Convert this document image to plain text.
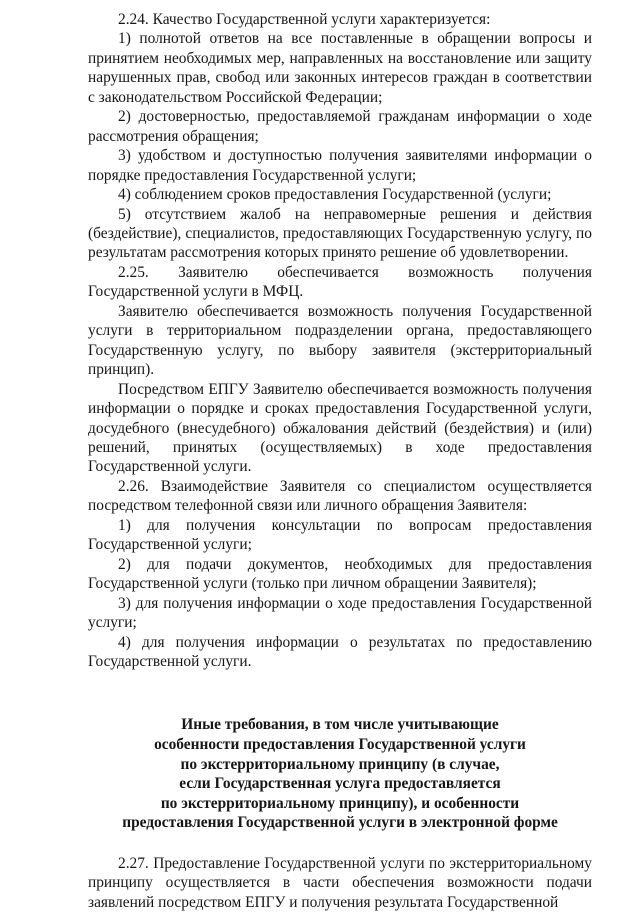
2.24. Качество Государственной услуги характеризуется:

1) полнотой ответов на все поставленные в обращении вопросы и принятием необходимых мер, направленных на восстановление или защиту нарушенных прав, свобод или законных интересов граждан в соответствии с законодательством Российской Федерации;

2) достоверностью, предоставляемой гражданам информации о ходе рассмотрения обращения;

3) удобством и доступностью получения заявителями информации о порядке предоставления Государственной услуги;

4) соблюдением сроков предоставления Государственной (услуги;

5) отсутствием жалоб на неправомерные решения и действия (бездействие), специалистов, предоставляющих Государственную услугу, по результатам рассмотрения которых принято решение об удовлетворении.

2.25. Заявителю обеспечивается возможность получения Государственной услуги в МФЦ.

Заявителю обеспечивается возможность получения Государственной услуги в территориальном подразделении органа, предоставляющего Государственную услугу, по выбору заявителя (экстерриториальный принцип).

Посредством ЕПГУ Заявителю обеспечивается возможность получения информации о порядке и сроках предоставления Государственной услуги, досудебного (внесудебного) обжалования действий (бездействия) и (или) решений, принятых (осуществляемых) в ходе предоставления Государственной услуги.

2.26. Взаимодействие Заявителя со специалистом осуществляется посредством телефонной связи или личного обращения Заявителя:

1) для получения консультации по вопросам предоставления Государственной услуги;

2) для подачи документов, необходимых для предоставления Государственной услуги (только при личном обращении Заявителя);

3) для получения информации о ходе предоставления Государственной услуги;

4) для получения информации о результатах по предоставлению Государственной услуги.

Иные требования, в том числе учитывающие
особенности предоставления Государственной услуги
по экстерриториальному принципу (в случае,
если Государственная услуга предоставляется
по экстерриториальному принципу), и особенности
предоставления Государственной услуги в электронной форме

2.27. Предоставление Государственной услуги по экстерриториальному принципу осуществляется в части обеспечения возможности подачи заявлений посредством ЕПГУ и получения результата Государственной
